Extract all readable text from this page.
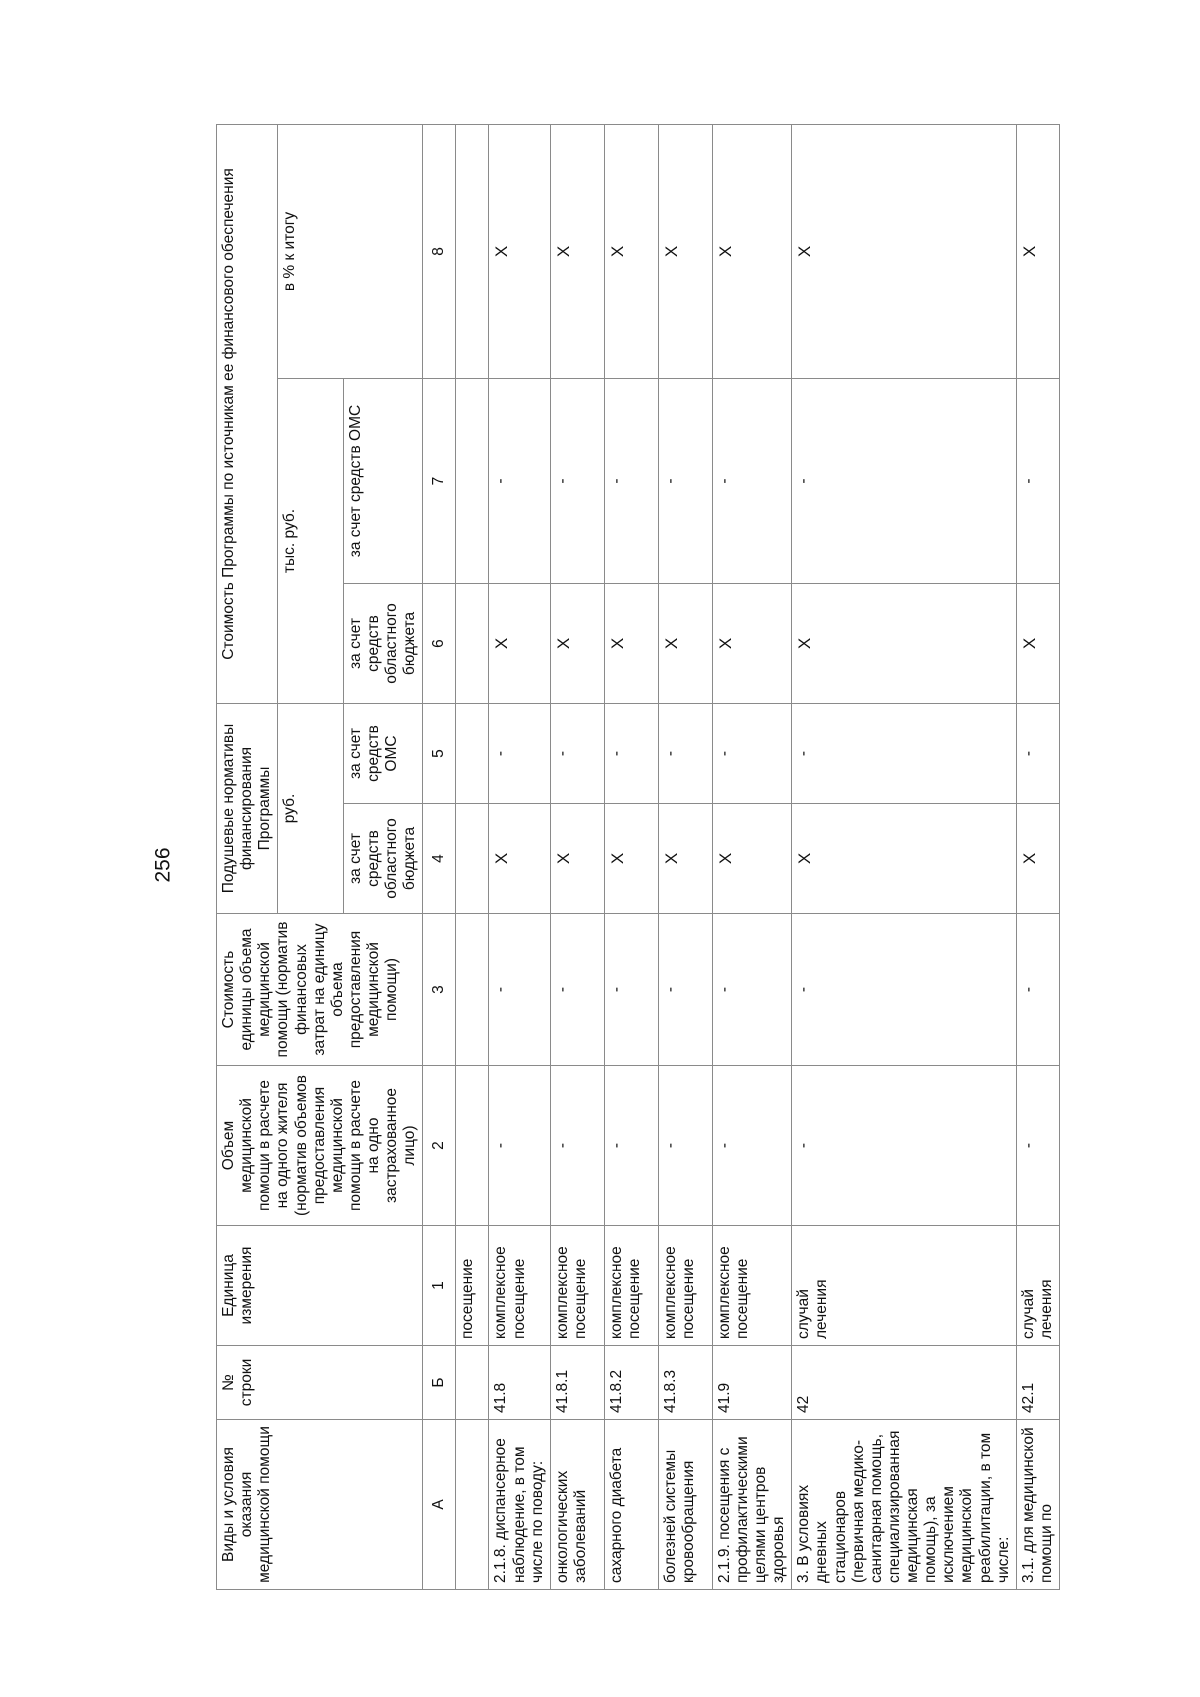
256
Виды и условия оказания медицинской помощи	№ строки	Единица измерения	Объем медицинской помощи в расчете на одного жителя (норматив объемов предоставления медицинской помощи в расчете на одно застрахованное лицо)	Стоимость единицы объема медицинской помощи (норматив финансовых затрат на единицу объема предоставления медицинской помощи)	Подушевые нормативы финансирования Программы		Стоимость Программы по источникам ее финансового обеспечения		
					руб.		тыс. руб.		в % к итогу
					за счет средств областного бюджета	за счет средств ОМС	за счет средств областного бюджета	за счет средств ОМС	
А	Б	1	2	3	4	5	6	7	8
		посещение							
2.1.8. диспансерное наблюдение, в том числе по поводу:	41.8	комплексное посещение	-	-	Х	-	Х	-	Х
онкологических заболеваний	41.8.1	комплексное посещение	-	-	Х	-	Х	-	Х
сахарного диабета	41.8.2	комплексное посещение	-	-	Х	-	Х	-	Х
болезней системы кровообращения	41.8.3	комплексное посещение	-	-	Х	-	Х	-	Х
2.1.9. посещения с профилактическими целями центров здоровья	41.9	комплексное посещение	-	-	Х	-	Х	-	Х
3. В условиях дневных стационаров (первичная медико-санитарная помощь, специализированная медицинская помощь), за исключением медицинской реабилитации, в том числе:	42	случай лечения	-	-	Х	-	Х	-	Х
3.1. для медицинской помощи по	42.1	случай лечения	-	-	Х	-	Х	-	Х
